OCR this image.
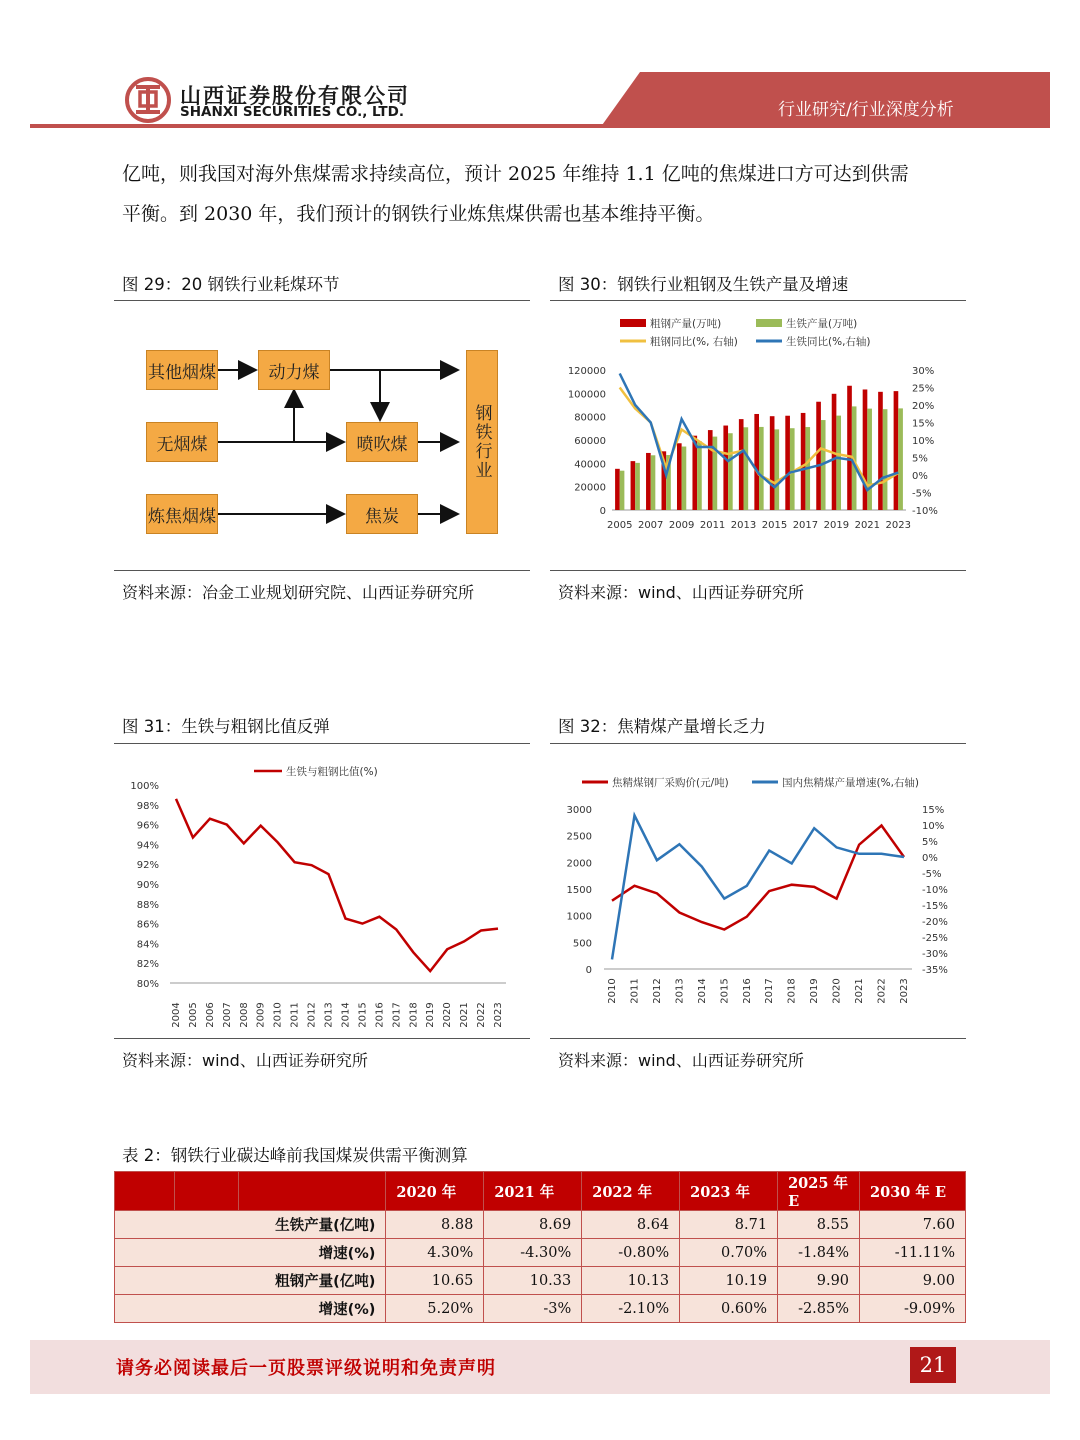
山西证券股份有限公司
SHANXI SECURITIES CO., LTD.	行业研究/行业深度分析
亿吨，则我国对海外焦煤需求持续高位，预计 2025 年维持 1.1 亿吨的焦煤进口方可达到供需
平衡。到 2030 年，我们预计的钢铁行业炼焦煤供需也基本维持平衡。
图 29：20 钢铁行业耗煤环节
其他烟煤	动力煤
无烟煤	喷吹煤
炼焦烟煤	焦炭
钢铁行业
资料来源：冶金工业规划研究院、山西证券研究所
图 30：钢铁行业粗钢及生铁产量及增速
粗钢产量(万吨)	生铁产量(万吨)
粗钢同比(%, 右轴)	生铁同比(%,右轴)
0
20000
40000
60000
80000
100000
120000
-10%
-5%
0%
5%
10%
15%
20%
25%
30%
2005 2007 2009 2011 2013 2015 2017 2019 2021 2023
资料来源：wind、山西证券研究所
图 31：生铁与粗钢比值反弹
生铁与粗钢比值(%)
80%
82%
84%
86%
88%
90%
92%
94%
96%
98%
100%
2004 2005 2006 2007 2008 2009 2010 2011 2012 2013 2014 2015 2016 2017 2018 2019 2020 2021 2022 2023
资料来源：wind、山西证券研究所
图 32：焦精煤产量增长乏力
焦精煤钢厂采购价(元/吨)	国内焦精煤产量增速(%,右轴)
0
500
1000
1500
2000
2500
3000
-35%
-30%
-25%
-20%
-15%
-10%
-5%
0%
5%
10%
15%
2010 2011 2012 2013 2014 2015 2016 2017 2018 2019 2020 2021 2022 2023
资料来源：wind、山西证券研究所
表 2：钢铁行业碳达峰前我国煤炭供需平衡测算
			2020 年	2021 年	2022 年	2023 年	2025 年 E	2030 年 E
生铁产量(亿吨)			8.88	8.69	8.64	8.71	8.55	7.60
增速(%)			4.30%	-4.30%	-0.80%	0.70%	-1.84%	-11.11%
粗钢产量(亿吨)			10.65	10.33	10.13	10.19	9.90	9.00
增速(%)			5.20%	-3%	-2.10%	0.60%	-2.85%	-9.09%
请务必阅读最后一页股票评级说明和免责声明	21
